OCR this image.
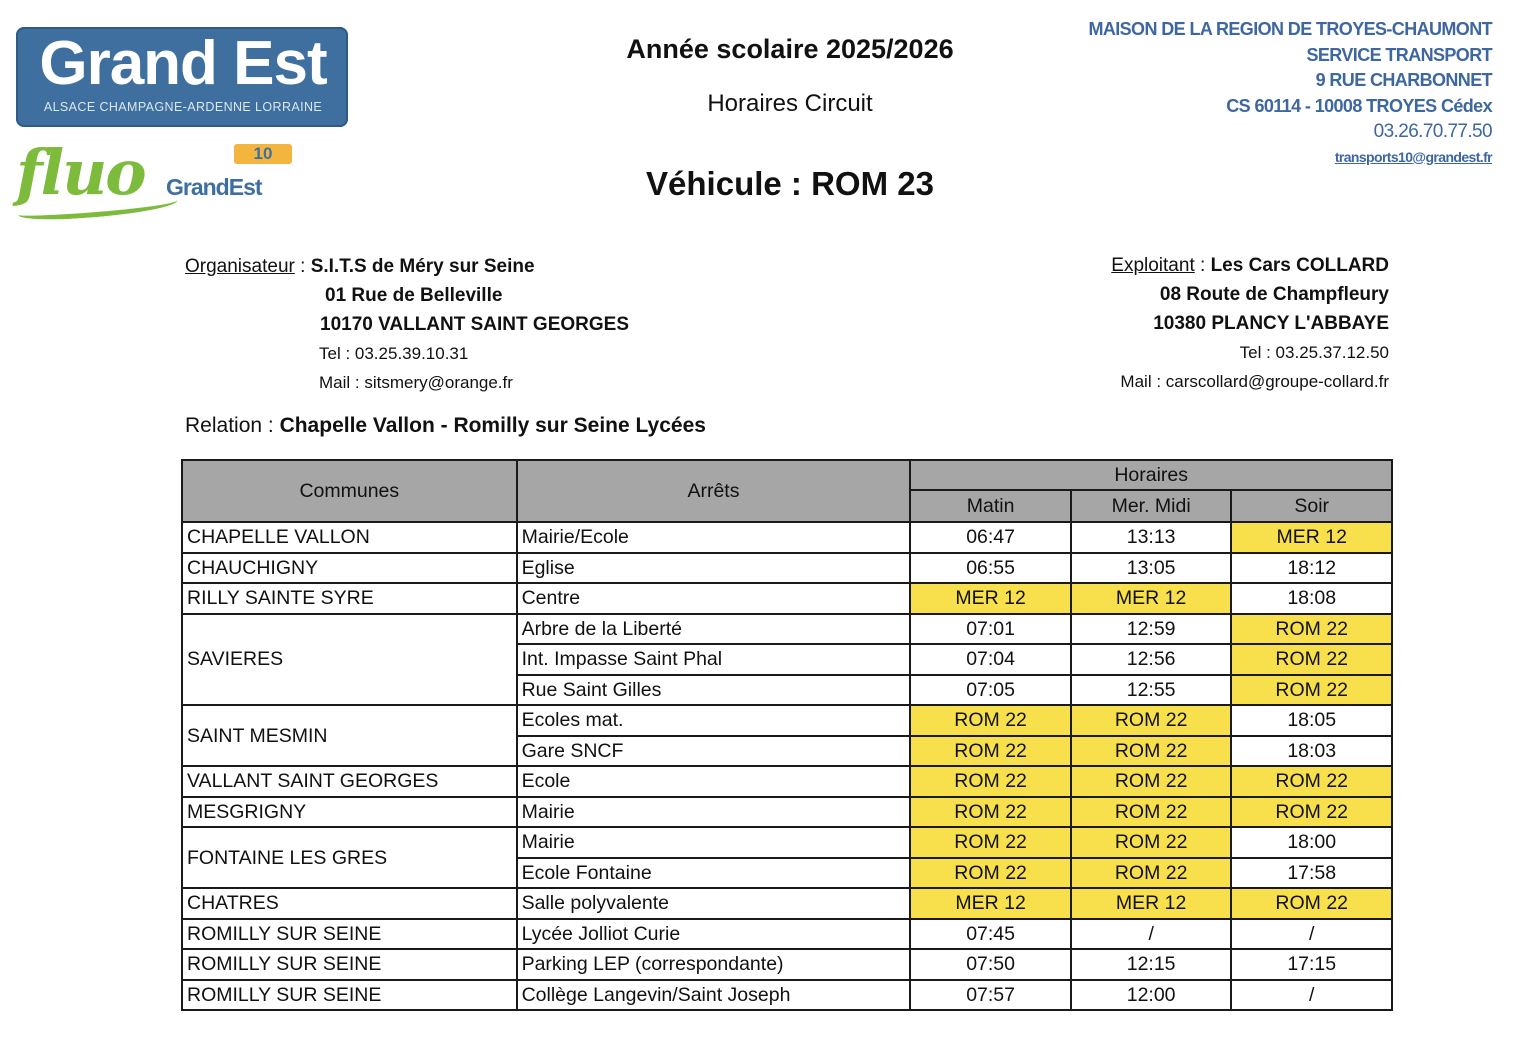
Grand Est
ALSACE CHAMPAGNE-ARDENNE LORRAINE
fluo GrandEst
10
Année scolaire 2025/2026
Horaires Circuit
Véhicule : ROM 23
MAISON DE LA REGION DE TROYES-CHAUMONT
SERVICE TRANSPORT
9 RUE CHARBONNET
CS 60114 - 10008 TROYES Cédex
03.26.70.77.50
transports10@grandest.fr
Organisateur : S.I.T.S de Méry sur Seine
01 Rue de Belleville
10170 VALLANT SAINT GEORGES
Tel : 03.25.39.10.31
Mail : sitsmery@orange.fr
Exploitant : Les Cars COLLARD
08 Route de Champfleury
10380 PLANCY L'ABBAYE
Tel : 03.25.37.12.50
Mail : carscollard@groupe-collard.fr
Relation : Chapelle Vallon - Romilly sur Seine Lycées
Communes	Arrêts	Horaires		
		Matin	Mer. Midi	Soir
CHAPELLE VALLON	Mairie/Ecole	06:47	13:13	MER 12
CHAUCHIGNY	Eglise	06:55	13:05	18:12
RILLY SAINTE SYRE	Centre	MER 12	MER 12	18:08
SAVIERES	Arbre de la Liberté	07:01	12:59	ROM 22
	Int. Impasse Saint Phal	07:04	12:56	ROM 22
	Rue Saint Gilles	07:05	12:55	ROM 22
SAINT MESMIN	Ecoles mat.	ROM 22	ROM 22	18:05
	Gare SNCF	ROM 22	ROM 22	18:03
VALLANT SAINT GEORGES	Ecole	ROM 22	ROM 22	ROM 22
MESGRIGNY	Mairie	ROM 22	ROM 22	ROM 22
FONTAINE LES GRES	Mairie	ROM 22	ROM 22	18:00
	Ecole Fontaine	ROM 22	ROM 22	17:58
CHATRES	Salle polyvalente	MER 12	MER 12	ROM 22
ROMILLY SUR SEINE	Lycée Jolliot Curie	07:45	/	/
ROMILLY SUR SEINE	Parking LEP (correspondante)	07:50	12:15	17:15
ROMILLY SUR SEINE	Collège Langevin/Saint Joseph	07:57	12:00	/
